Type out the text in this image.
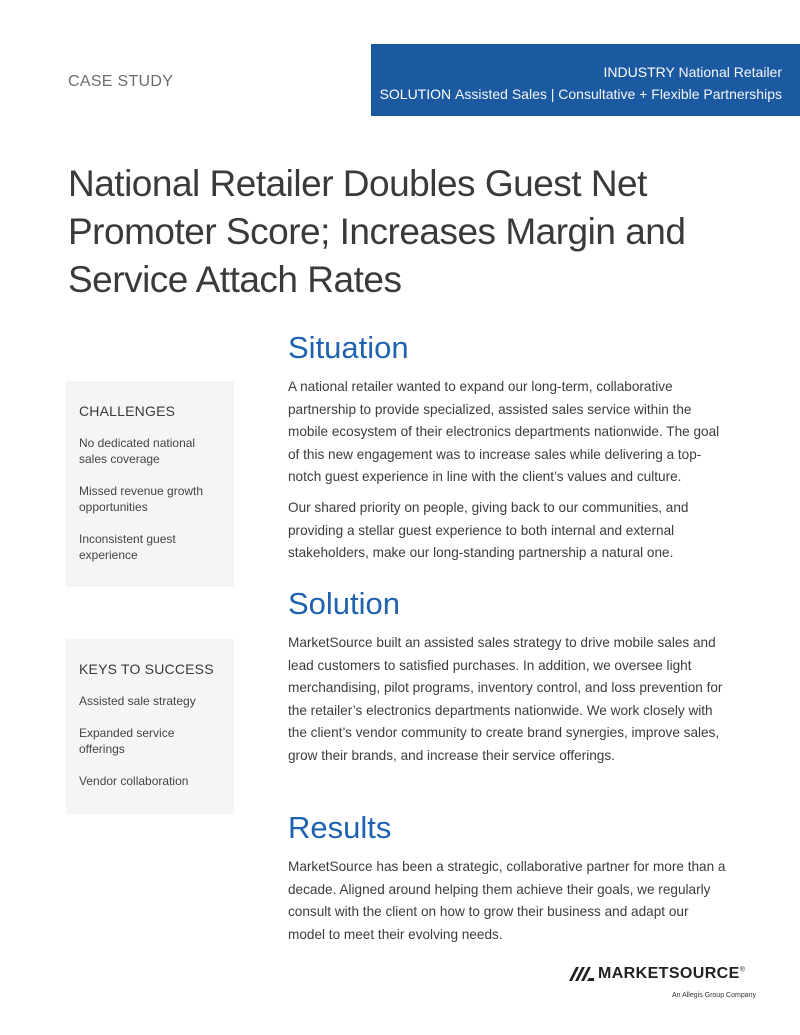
CASE STUDY
INDUSTRY National Retailer
SOLUTION Assisted Sales | Consultative + Flexible Partnerships
National Retailer Doubles Guest Net Promoter Score; Increases Margin and Service Attach Rates
CHALLENGES
No dedicated national sales coverage
Missed revenue growth opportunities
Inconsistent guest experience
KEYS TO SUCCESS
Assisted sale strategy
Expanded service offerings
Vendor collaboration
Situation

A national retailer wanted to expand our long-term, collaborative partnership to provide specialized, assisted sales service within the mobile ecosystem of their electronics departments nationwide. The goal of this new engagement was to increase sales while delivering a top-notch guest experience in line with the client’s values and culture.

Our shared priority on people, giving back to our communities, and providing a stellar guest experience to both internal and external stakeholders, make our long-standing partnership a natural one.

Solution

MarketSource built an assisted sales strategy to drive mobile sales and lead customers to satisfied purchases. In addition, we oversee light merchandising, pilot programs, inventory control, and loss prevention for the retailer’s electronics departments nationwide. We work closely with the client’s vendor community to create brand synergies, improve sales, grow their brands, and increase their service offerings.

Results

MarketSource has been a strategic, collaborative partner for more than a decade. Aligned around helping them achieve their goals, we regularly consult with the client on how to grow their business and adapt our model to meet their evolving needs.

MARKETSOURCE®
An Allegis Group Company
